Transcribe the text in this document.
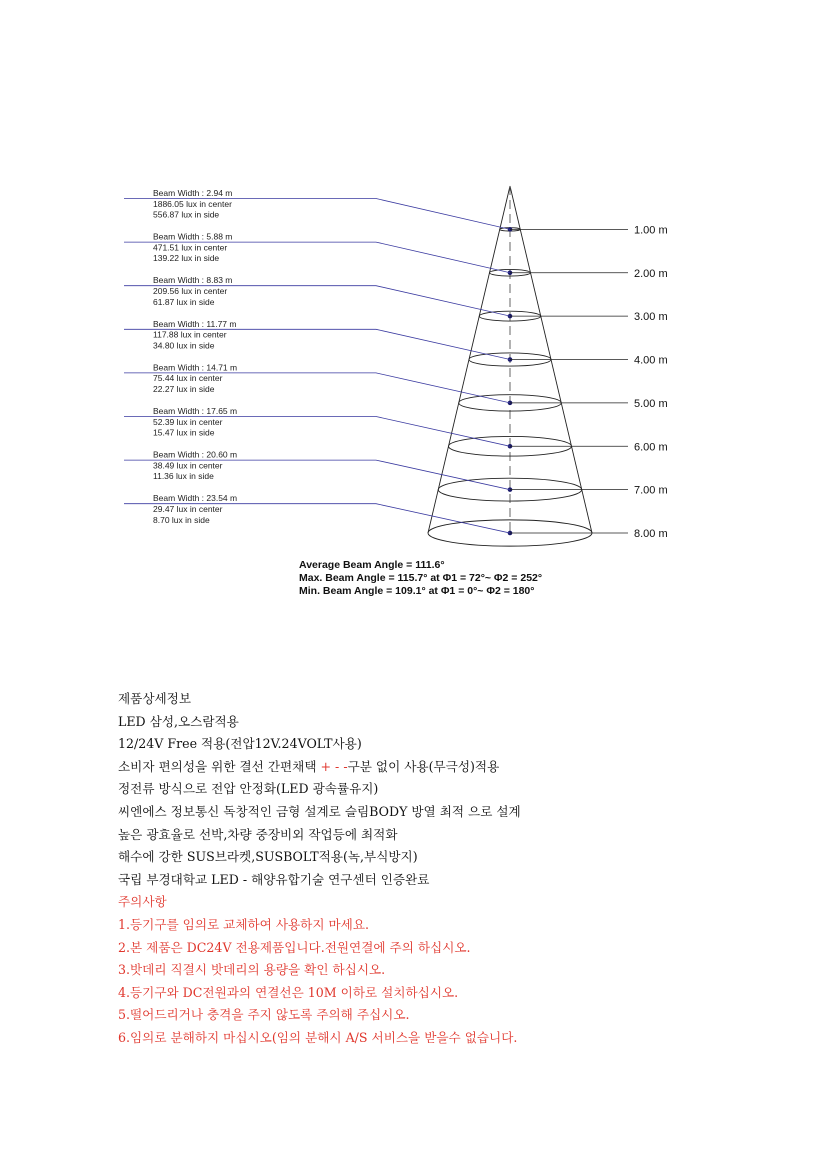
Beam Width : 2.94 m
1886.05 lux in center
556.87 lux in side
Beam Width : 5.88 m
471.51 lux in center
139.22 lux in side
Beam Width : 8.83 m
209.56 lux in center
61.87 lux in side
Beam Width : 11.77 m
117.88 lux in center
34.80 lux in side
Beam Width : 14.71 m
75.44 lux in center
22.27 lux in side
Beam Width : 17.65 m
52.39 lux in center
15.47 lux in side
Beam Width : 20.60 m
38.49 lux in center
11.36 lux in side
Beam Width : 23.54 m
29.47 lux in center
8.70 lux in side
1.00 m
2.00 m
3.00 m
4.00 m
5.00 m
6.00 m
7.00 m
8.00 m
Average Beam Angle = 111.6°
Max. Beam Angle = 115.7° at Φ1 = 72°~ Φ2 = 252°
Min. Beam Angle = 109.1° at Φ1 = 0°~ Φ2 = 180°
제품상세정보
LED 삼성,오스람적용
12/24V Free 적용(전압12V.24VOLT사용)
소비자 편의성을 위한 결선 간편채택 + - -구분 없이 사용(무극성)적용
정전류 방식으로 전압 안정화(LED 광속률유지)
씨엔에스 정보통신 독창적인 금형 설계로 슬림BODY 방열 최적 으로 설계
높은 광효율로 선박,차량 중장비외 작업등에 최적화
해수에 강한 SUS브라켓,SUSBOLT적용(녹,부식방지)
국립 부경대학교 LED - 해양유합기술 연구센터 인증완료
주의사항
1.등기구를 임의로 교체하여 사용하지 마세요.
2.본 제품은 DC24V 전용제품입니다.전원연결에 주의 하십시오.
3.밧데리 직결시 밧데리의 용량을 확인 하십시오.
4.등기구와 DC전원과의 연결선은 10M 이하로 설치하십시오.
5.떨어드리거나 충격을 주지 않도록 주의해 주십시오.
6.임의로 분해하지 마십시오(임의 분해시 A/S 서비스을 받을수 없습니다.
